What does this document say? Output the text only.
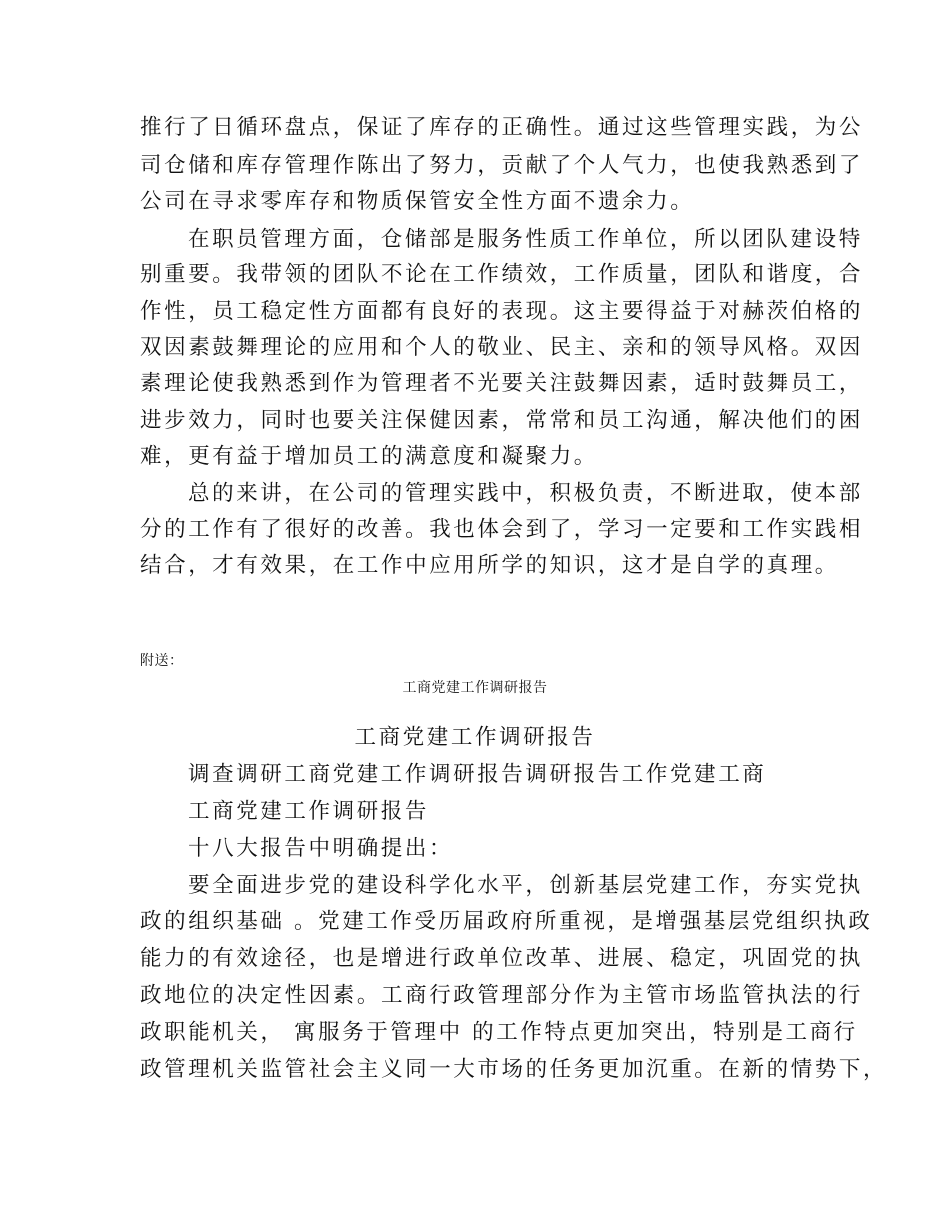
推行了日循环盘点，保证了库存的正确性。通过这些管理实践，为公
司仓储和库存管理作陈出了努力，贡献了个人气力，也使我熟悉到了
公司在寻求零库存和物质保管安全性方面不遗余力。
在职员管理方面，仓储部是服务性质工作单位，所以团队建设特
别重要。我带领的团队不论在工作绩效，工作质量，团队和谐度，合
作性，员工稳定性方面都有良好的表现。这主要得益于对赫茨伯格的
双因素鼓舞理论的应用和个人的敬业、民主、亲和的领导风格。双因
素理论使我熟悉到作为管理者不光要关注鼓舞因素，适时鼓舞员工，
进步效力，同时也要关注保健因素，常常和员工沟通，解决他们的困
难，更有益于增加员工的满意度和凝聚力。
总的来讲，在公司的管理实践中，积极负责，不断进取，使本部
分的工作有了很好的改善。我也体会到了，学习一定要和工作实践相
结合，才有效果，在工作中应用所学的知识，这才是自学的真理。
附送：
工商党建工作调研报告
工商党建工作调研报告
调查调研工商党建工作调研报告调研报告工作党建工商
工商党建工作调研报告
十八大报告中明确提出：
要全面进步党的建设科学化水平，创新基层党建工作，夯实党执
政的组织基础 。党建工作受历届政府所重视，是增强基层党组织执政
能力的有效途径，也是增进行政单位改革、进展、稳定，巩固党的执
政地位的决定性因素。工商行政管理部分作为主管市场监管执法的行
政职能机关， 寓服务于管理中 的工作特点更加突出，特别是工商行
政管理机关监管社会主义同一大市场的任务更加沉重。在新的情势下，
